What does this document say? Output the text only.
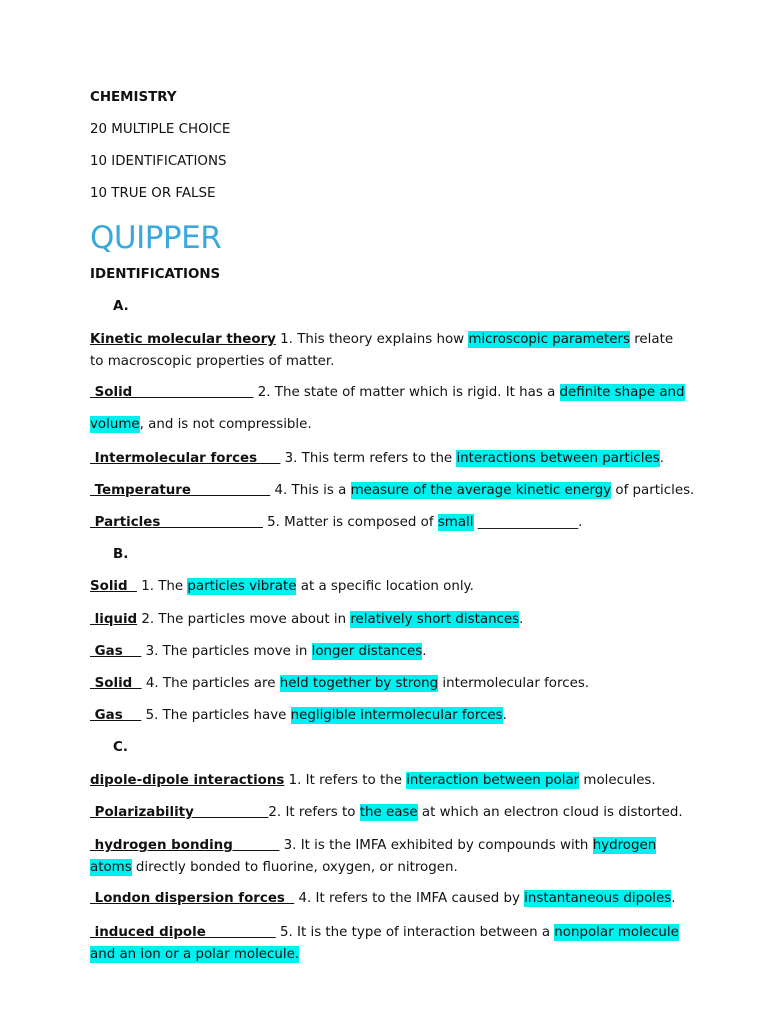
CHEMISTRY
20 MULTIPLE CHOICE
10 IDENTIFICATIONS
10 TRUE OR FALSE
QUIPPER
IDENTIFICATIONS
A.
Kinetic molecular theory 1. This theory explains how microscopic parameters relate to macroscopic properties of matter.
Solid                           2. The state of matter which is rigid. It has a definite shape and
volume, and is not compressible.
Intermolecular forces      3. This term refers to the interactions between particles.
Temperature                  4. This is a measure of the average kinetic energy of particles.
Particles                       5. Matter is composed of small _______________.
B.
Solid   1. The particles vibrate at a specific location only.
liquid 2. The particles move about in relatively short distances.
Gas     3. The particles move in longer distances.
Solid   4. The particles are held together by strong intermolecular forces.
Gas     5. The particles have negligible intermolecular forces.
C.
dipole-dipole interactions 1. It refers to the interaction between polar molecules.
Polarizability                2. It refers to the ease at which an electron cloud is distorted.
hydrogen bonding           3. It is the IMFA exhibited by compounds with hydrogen atoms directly bonded to fluorine, oxygen, or nitrogen.
London dispersion forces   4. It refers to the IMFA caused by instantaneous dipoles.
induced dipole                5. It is the type of interaction between a nonpolar molecule and an ion or a polar molecule.
